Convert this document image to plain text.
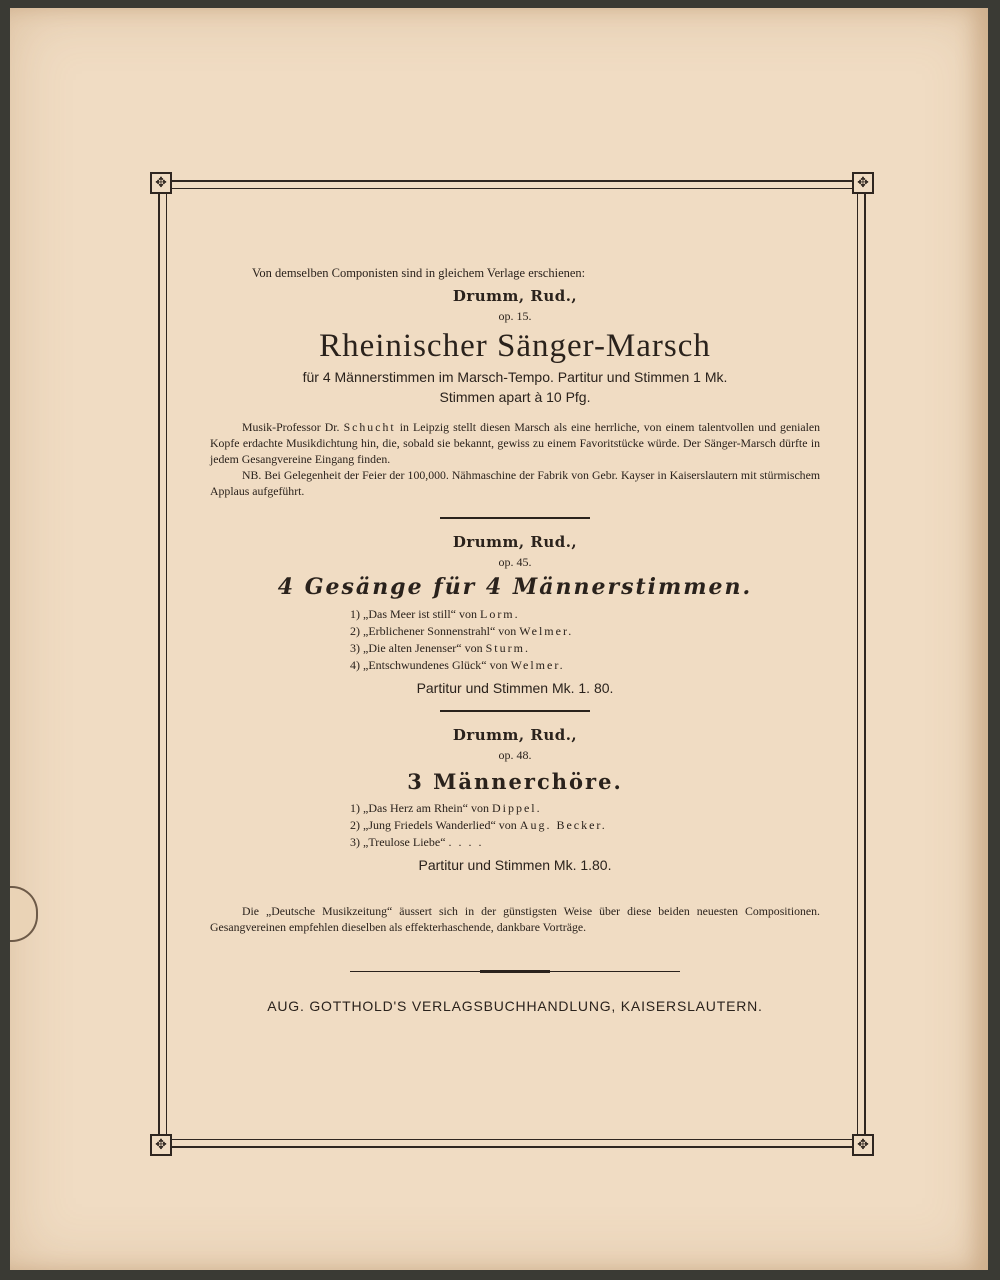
✥	✥
✥	✥
Von demselben Componisten sind in gleichem Verlage erschienen:
Drumm, Rud.,
op. 15.
Rheinischer Sänger-Marsch
für 4 Männerstimmen im Marsch-Tempo. Partitur und Stimmen 1 Mk.
Stimmen apart à 10 Pfg.

Musik-Professor Dr. Schucht in Leipzig stellt diesen Marsch als eine herrliche, von einem talentvollen und genialen Kopfe erdachte Musikdichtung hin, die, sobald sie bekannt, gewiss zu einem Favoritstücke würde. Der Sänger-Marsch dürfte in jedem Gesangvereine Eingang finden.

NB. Bei Gelegenheit der Feier der 100,000. Nähmaschine der Fabrik von Gebr. Kayser in Kaiserslautern mit stürmischem Applaus aufgeführt.

Drumm, Rud.,
op. 45.
4 Gesänge für 4 Männerstimmen.
1) „Das Meer ist still“ von Lorm.
2) „Erblichener Sonnenstrahl“ von Welmer.
3) „Die alten Jenenser“ von Sturm.
4) „Entschwundenes Glück“ von Welmer.
Partitur und Stimmen Mk. 1. 80.
Drumm, Rud.,
op. 48.
3 Männerchöre.
1) „Das Herz am Rhein“ von Dippel.
2) „Jung Friedels Wanderlied“ von Aug. Becker.
3) „Treulose Liebe“ . . . .
Partitur und Stimmen Mk. 1.80.

Die „Deutsche Musikzeitung“ äussert sich in der günstigsten Weise über diese beiden neuesten Compositionen. Gesangvereinen empfehlen dieselben als effekterhaschende, dankbare Vorträge.

AUG. GOTTHOLD'S VERLAGSBUCHHANDLUNG, KAISERSLAUTERN.
